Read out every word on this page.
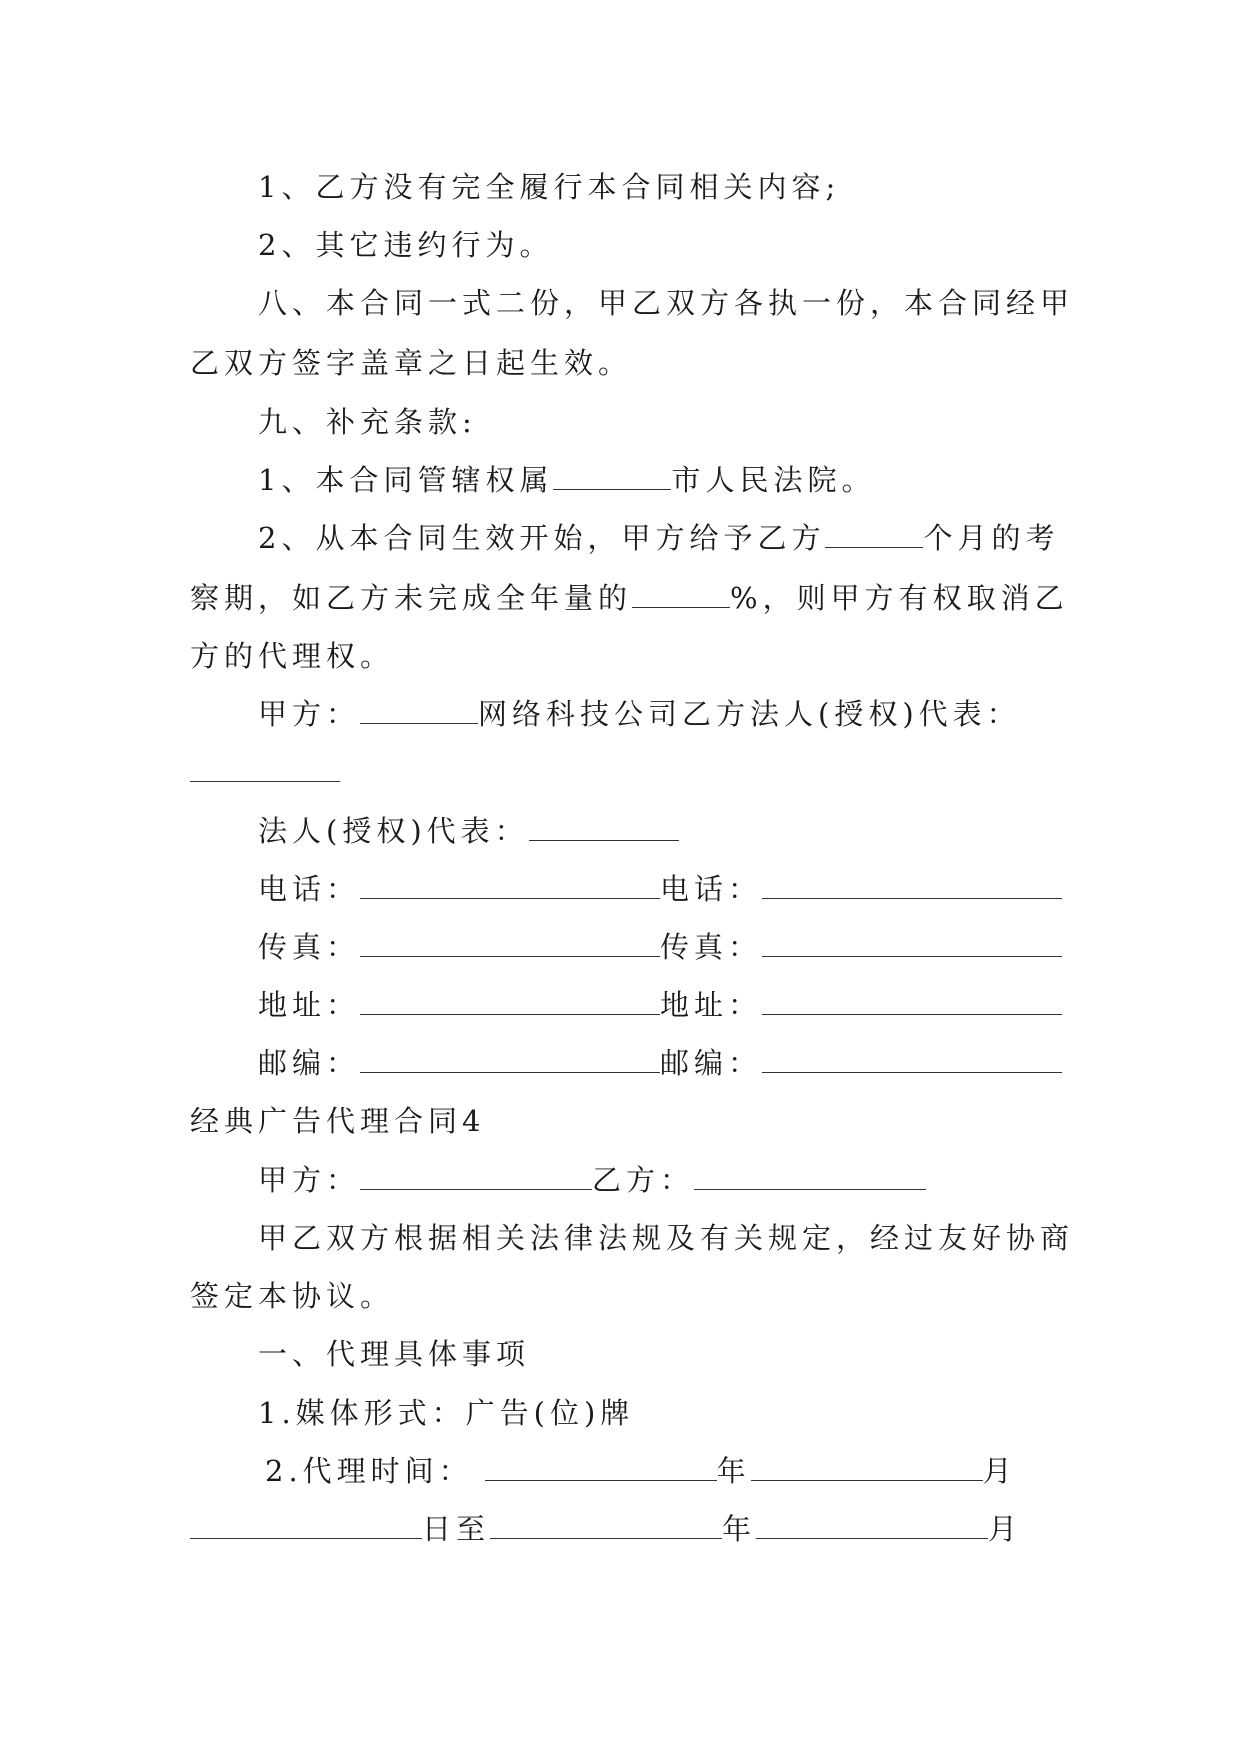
1、乙方没有完全履行本合同相关内容;
2、其它违约行为。
八、本合同一式二份，甲乙双方各执一份，本合同经甲
乙双方签字盖章之日起生效。
九、补充条款:
1、本合同管辖权属	市人民法院。
2、从本合同生效开始，甲方给予乙方	个月的考
察期，如乙方未完成全年量的	%，则甲方有权取消乙
方的代理权。
甲方：	网络科技公司乙方法人(授权)代表：
法人(授权)代表：
电话：	电话：
传真：	传真：
地址：	地址：
邮编：	邮编：
经典广告代理合同4
甲方：	乙方：
甲乙双方根据相关法律法规及有关规定，经过友好协商
签定本协议。
一、代理具体事项
1.媒体形式：广告(位)牌
2.代理时间：	年	月
日至	年	月
